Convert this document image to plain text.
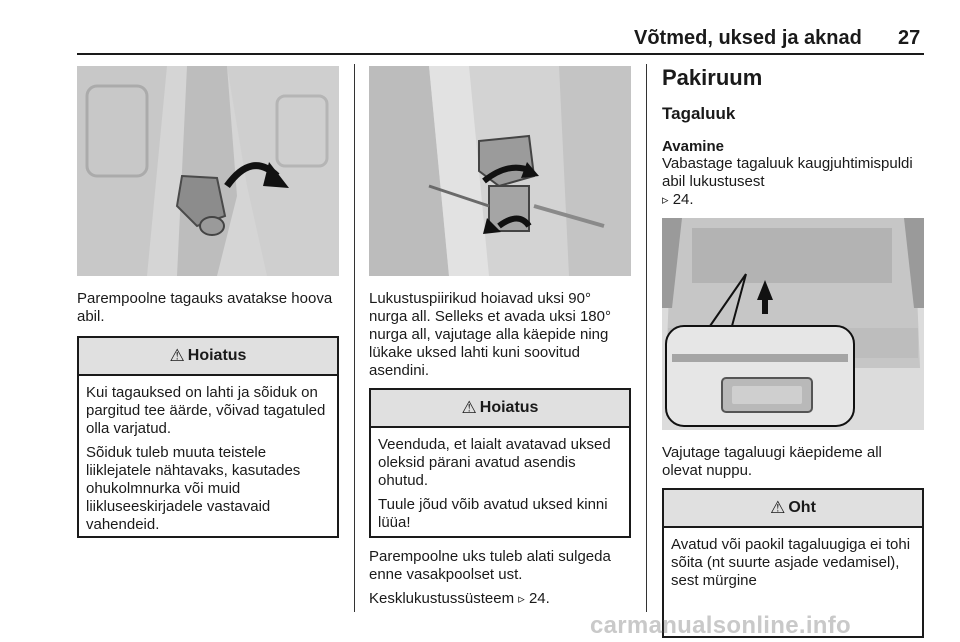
Võtmed, uksed ja aknad 27

Parempoolne tagauks avatakse hoova abil.

⚠ Hoiatus

Kui tagauksed on lahti ja sõiduk on pargitud tee äärde, võivad tagatuled olla varjatud.

Sõiduk tuleb muuta teistele liiklejatele nähtavaks, kasutades ohukolmnurka või muid liikluseeskirjadele vastavaid vahendeid.

Lukustuspiirikud hoiavad uksi 90° nurga all. Selleks et avada uksi 180° nurga all, vajutage alla käepide ning lükake uksed lahti kuni soovitud asendini.

⚠ Hoiatus

Veenduda, et laialt avatavad uksed oleksid pärani avatud asendis ohutud.

Tuule jõud võib avatud uksed kinni lüüa!

Parempoolne uks tuleb alati sulgeda enne vasakpoolset ust.

Kesklukustussüsteem ▹ 24.

Pakiruum
Tagaluuk
Avamine

Vabastage tagaluuk kaugjuhtimispuldi abil lukustusest
▹ 24.

Vajutage tagaluugi käepideme all olevat nuppu.

⚠ Oht

Avatud või paokil tagaluugiga ei tohi sõita (nt suurte asjade vedamisel), sest mürgine

carmanualsonline.info
